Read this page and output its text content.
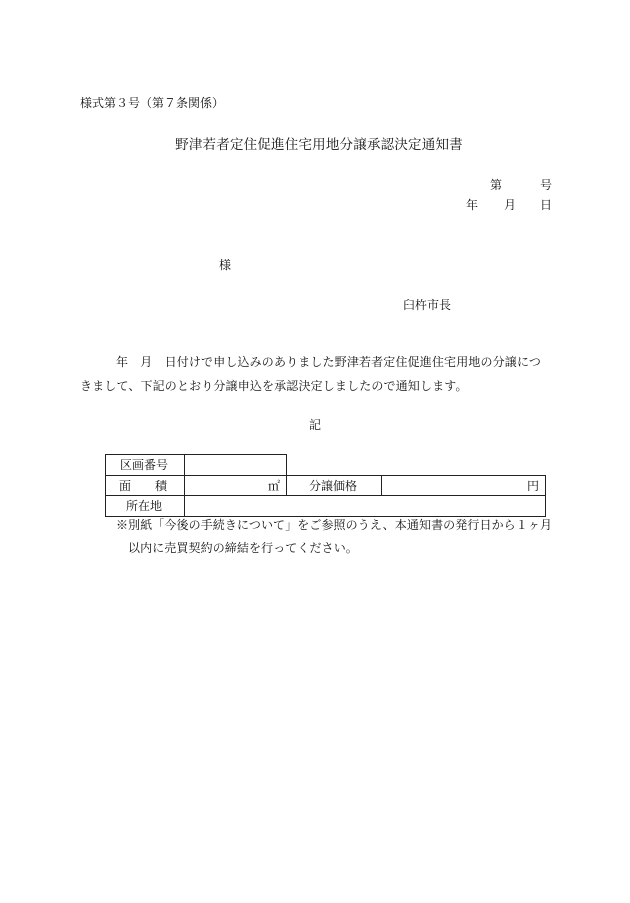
様式第３号（第７条関係）
野津若者定住促進住宅用地分譲承認決定通知書
第	号
年 月 日
様
臼杵市長
年　月　日付けで申し込みのありました野津若者定住促進住宅用地の分譲につ
きまして、下記のとおり分譲申込を承認決定しましたので通知します。
記
区画番号
面　　積	㎡ 分譲価格	円
所在地
※別紙「今後の手続きについて」をご参照のうえ、本通知書の発行日から１ヶ月
以内に売買契約の締結を行ってください。
